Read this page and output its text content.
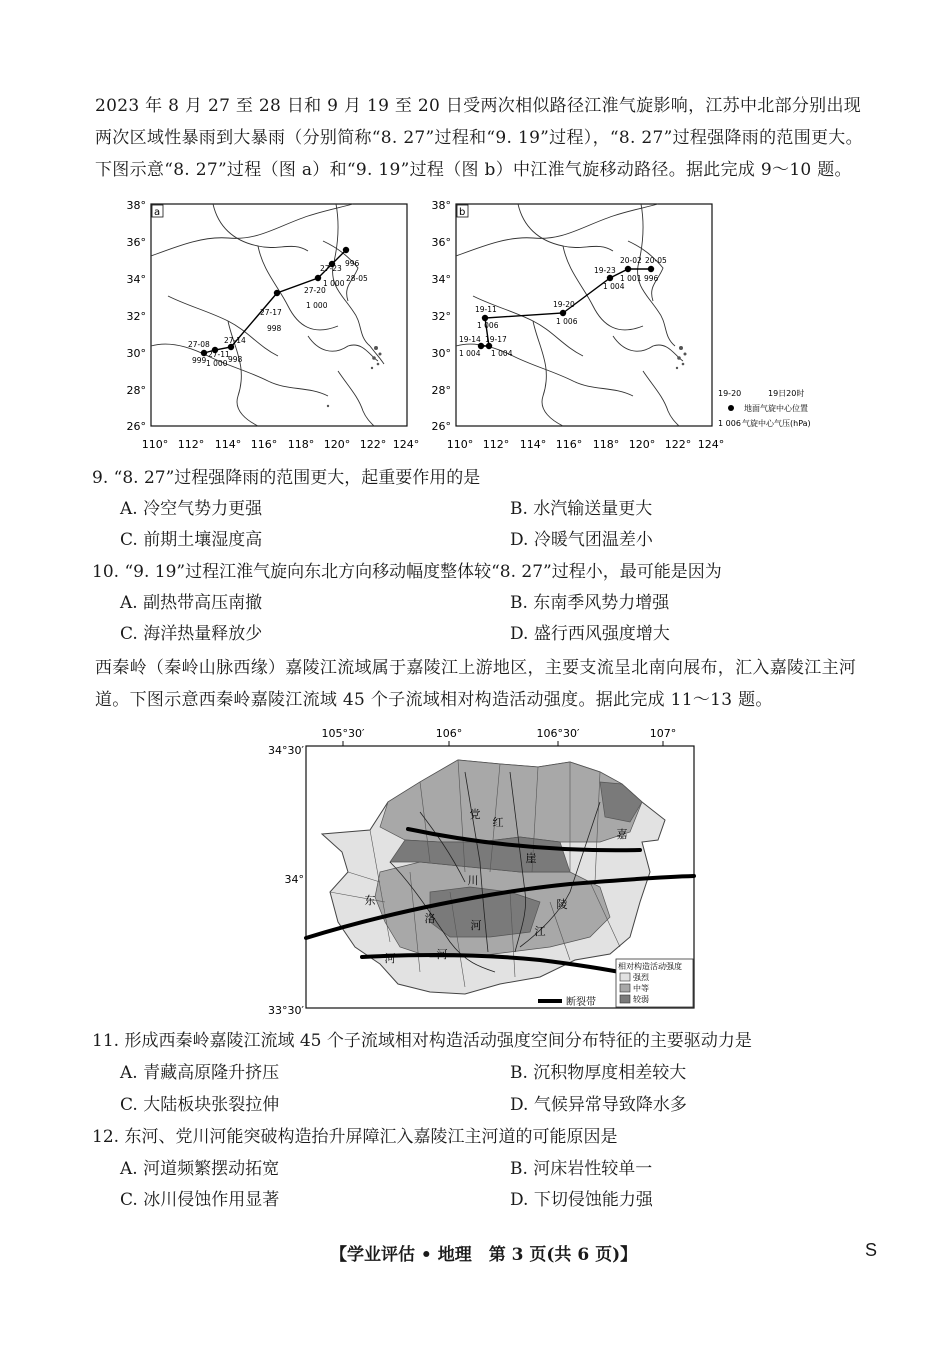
2023 年 8 月 27 至 28 日和 9 月 19 至 20 日受两次相似路径江淮气旋影响，江苏中北部分别出现两次区域性暴雨到大暴雨（分别简称“8. 27”过程和“9. 19”过程），“8. 27”过程强降雨的范围更大。下图示意“8. 27”过程（图 a）和“9. 19”过程（图 b）中江淮气旋移动路径。据此完成 9～10 题。
27-08
999
27-11
1 000
27-14
998
27-17
998
27-20
1 000
27-23
1 000
28-05
996
a
38°
36°
34°
32°
30°
28°
26°
110° 112° 114° 116° 118° 120° 122° 124°
19-14
1 004
19-17
1 004
19-11
1 006
19-20
1 006
19-23
1 004
20-02
1 001
20-05
996
b
38°
36°
34°
32°
30°
28°
26°
110° 112° 114° 116° 118° 120° 122° 124°
19-20	19日20时
地面气旋中心位置
1 006 气旋中心气压(hPa)
9. “8. 27”过程强降雨的范围更大，起重要作用的是
A. 冷空气势力更强	B. 水汽输送量更大
C. 前期土壤湿度高	D. 冷暖气团温差小
10. “9. 19”过程江淮气旋向东北方向移动幅度整体较“8. 27”过程小，最可能是因为
A. 副热带高压南撤	B. 东南季风势力增强
C. 海洋热量释放少	D. 盛行西风强度增大
西秦岭（秦岭山脉西缘）嘉陵江流域属于嘉陵江上游地区，主要支流呈北南向展布，汇入嘉陵江主河道。下图示意西秦岭嘉陵江流域 45 个子流域相对构造活动强度。据此完成 11～13 题。
105°30′	106°	106°30′	107°
34°30′
34°
33°30′
党
红
崖
嘉
川
东	陵
洛
河	江
河	河
相对构造活动强度
强烈
中等
较弱
断裂带
11. 形成西秦岭嘉陵江流域 45 个子流域相对构造活动强度空间分布特征的主要驱动力是
A. 青藏高原隆升挤压	B. 沉积物厚度相差较大
C. 大陆板块张裂拉伸	D. 气候异常导致降水多
12. 东河、党川河能突破构造抬升屏障汇入嘉陵江主河道的可能原因是
A. 河道频繁摆动拓宽	B. 河床岩性较单一
C. 冰川侵蚀作用显著	D. 下切侵蚀能力强
【学业评估 • 地理　第 3 页(共 6 页)】	S
